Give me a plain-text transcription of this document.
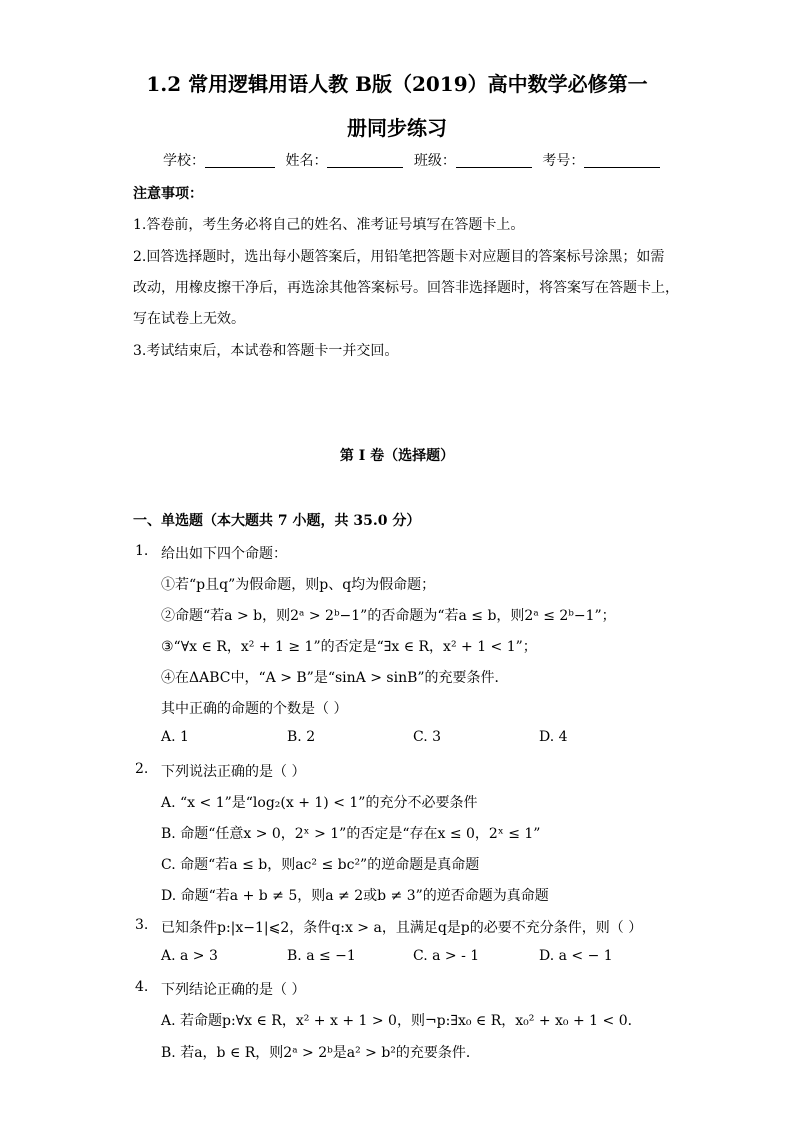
1.2 常用逻辑用语人教 B版（2019）高中数学必修第一
册同步练习
学校：	姓名：	班级：	考号：
注意事项：
1.答卷前，考生务必将自己的姓名、准考证号填写在答题卡上。
2.回答选择题时，选出每小题答案后，用铅笔把答题卡对应题目的答案标号涂黑；如需
改动，用橡皮擦干净后，再选涂其他答案标号。回答非选择题时，将答案写在答题卡上，
写在试卷上无效。
3.考试结束后，本试卷和答题卡一并交回。
第 I 卷（选择题）
一、单选题（本大题共 7 小题，共 35.0 分）
1. 给出如下四个命题：
①若“p且q”为假命题，则p、q均为假命题；
②命题“若a > b，则2ᵃ > 2ᵇ−1”的否命题为“若a ≤ b，则2ᵃ ≤ 2ᵇ−1”；
③“∀x ∈ R，x² + 1 ≥ 1”的否定是“∃x ∈ R，x² + 1 < 1”；
④在ΔABC中，“A > B”是“sinA > sinB”的充要条件．
其中正确的命题的个数是（ ）
A. 1	B. 2	C. 3	D. 4
2. 下列说法正确的是（ ）
A. “x < 1”是“log₂(x + 1) < 1”的充分不必要条件
B. 命题“任意x > 0，2ˣ > 1”的否定是“存在x ≤ 0，2ˣ ≤ 1”
C. 命题“若a ≤ b，则ac² ≤ bc²”的逆命题是真命题
D. 命题“若a + b ≠ 5，则a ≠ 2或b ≠ 3”的逆否命题为真命题
3. 已知条件p:|x−1|⩽2，条件q:x > a，且满足q是p的必要不充分条件，则（ ）
A. a > 3	B. a ≤ −1	C. a > - 1	D. a < − 1
4. 下列结论正确的是（ ）
A. 若命题p:∀x ∈ R，x² + x + 1 > 0，则¬p:∃x₀ ∈ R，x₀² + x₀ + 1 < 0．
B. 若a，b ∈ R，则2ᵃ > 2ᵇ是a² > b²的充要条件．
